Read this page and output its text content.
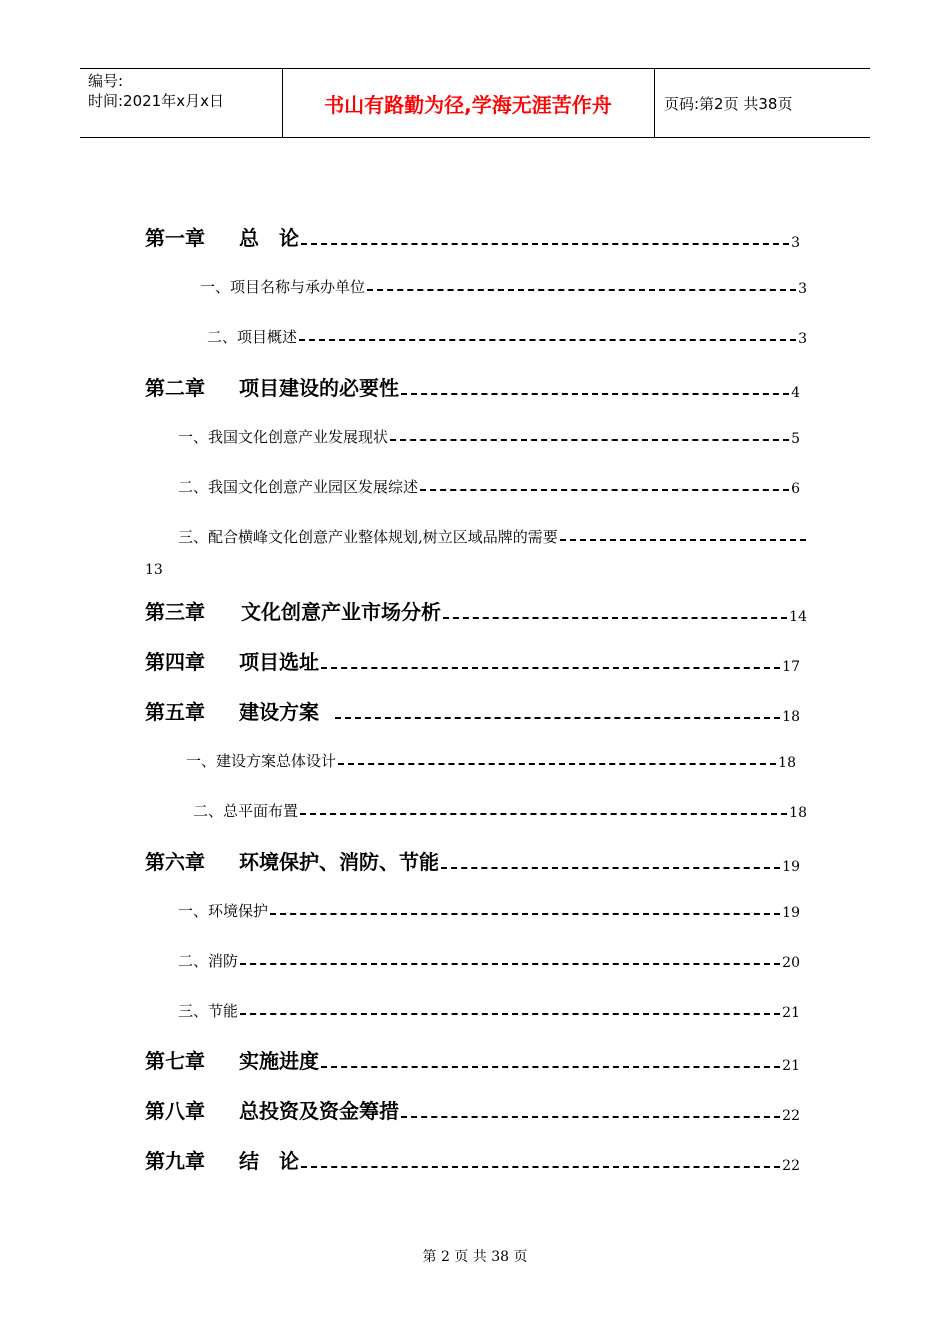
编号:
时间:2021年x月x日	书山有路勤为径,学海无涯苦作舟	页码:第2页 共38页
第一章 总　论	3
一、项目名称与承办单位	3
二、项目概述	3
第二章 项目建设的必要性	4
一、我国文化创意产业发展现状	5
二、我国文化创意产业园区发展综述	6
三、配合横峰文化创意产业整体规划,树立区域品牌的需要
13
第三章 文化创意产业市场分析	14
第四章 项目选址	17
第五章 建设方案	18
一、建设方案总体设计	18
二、总平面布置	18
第六章 环境保护、消防、节能	19
一、环境保护	19
二、消防	20
三、节能	21
第七章 实施进度	21
第八章 总投资及资金筹措	22
第九章 结　论	22
第 2 页 共 38 页
